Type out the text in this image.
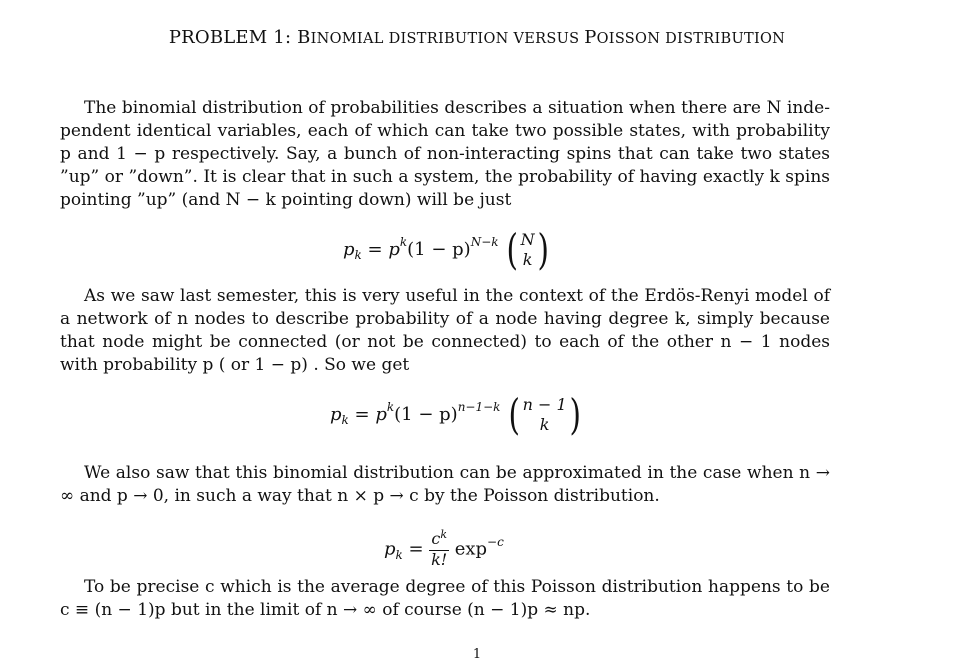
PROBLEM 1: BINOMIAL DISTRIBUTION VERSUS POISSON DISTRIBUTION
The binomial distribution of probabilities describes a situation when there are N inde-pendent identical variables, each of which can take two possible states, with probability p and 1 − p respectively. Say, a bunch of non-interacting spins that can take two states ”up” or ”down”. It is clear that in such a system, the probability of having exactly k spins pointing ”up” (and N − k pointing down) will be just
$p_k = p^k(1 - p)^{N-k}$ ( N
k )
As we saw last semester, this is very useful in the context of the Erdös-Renyi model of a network of n nodes to describe probability of a node having degree k, simply because that node might be connected (or not be connected) to each of the other n − 1 nodes with probability p ( or 1 − p) . So we get
$p_k = p^k(1 - p)^{n-1-k}$ ( n − 1
k )
We also saw that this binomial distribution can be approximated in the case when n → ∞ and p → 0, in such a way that n × p → c by the Poisson distribution.
$p_k = \frac{c^k}{k!} \exp^{-c}$
To be precise c which is the average degree of this Poisson distribution happens to be c ≡ (n − 1)p but in the limit of n → ∞ of course (n − 1)p ≈ np.
1
